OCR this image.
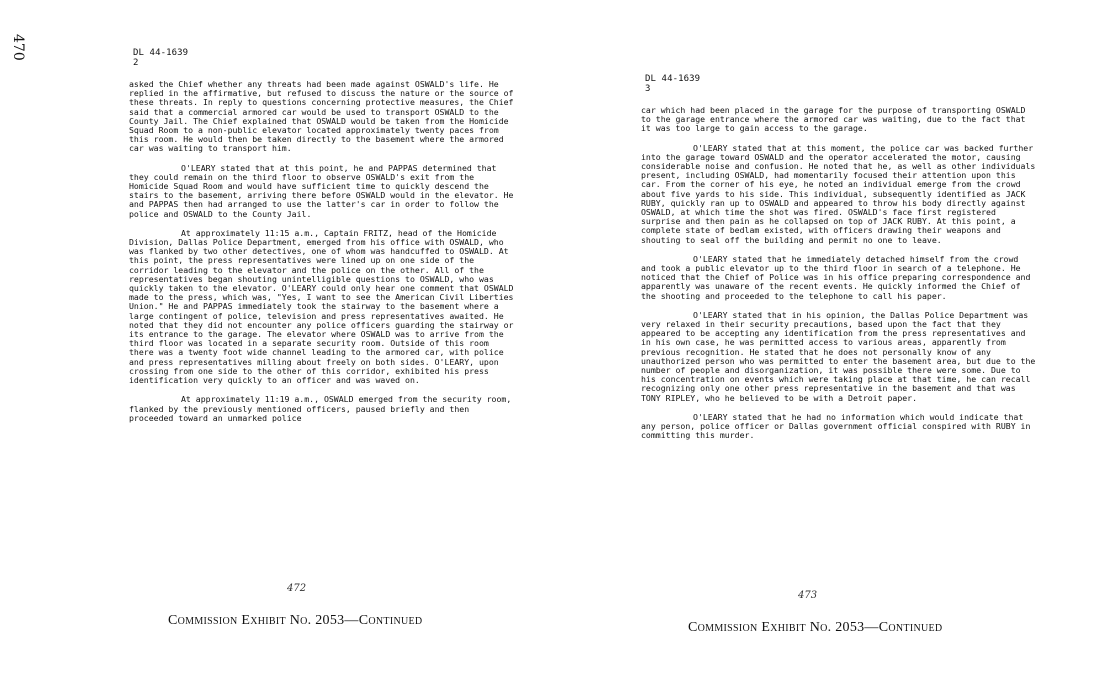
470	DL 44-1639
2

asked the Chief whether any threats had been made against OSWALD's life. He replied in the affirmative, but refused to discuss the nature or the source of these threats. In reply to questions concerning protective measures, the Chief said that a commercial armored car would be used to transport OSWALD to the County Jail. The Chief explained that OSWALD would be taken from the Homicide Squad Room to a non-public elevator located approximately twenty paces from this room. He would then be taken directly to the basement where the armored car was waiting to transport him.

O'LEARY stated that at this point, he and PAPPAS determined that they could remain on the third floor to observe OSWALD's exit from the Homicide Squad Room and would have sufficient time to quickly descend the stairs to the basement, arriving there before OSWALD would in the elevator. He and PAPPAS then had arranged to use the latter's car in order to follow the police and OSWALD to the County Jail.

At approximately 11:15 a.m., Captain FRITZ, head of the Homicide Division, Dallas Police Department, emerged from his office with OSWALD, who was flanked by two other detectives, one of whom was handcuffed to OSWALD. At this point, the press representatives were lined up on one side of the corridor leading to the elevator and the police on the other. All of the representatives began shouting unintelligible questions to OSWALD, who was quickly taken to the elevator. O'LEARY could only hear one comment that OSWALD made to the press, which was, "Yes, I want to see the American Civil Liberties Union." He and PAPPAS immediately took the stairway to the basement where a large contingent of police, television and press representatives awaited. He noted that they did not encounter any police officers guarding the stairway or its entrance to the garage. The elevator where OSWALD was to arrive from the third floor was located in a separate security room. Outside of this room there was a twenty foot wide channel leading to the armored car, with police and press representatives milling about freely on both sides. O'LEARY, upon crossing from one side to the other of this corridor, exhibited his press identification very quickly to an officer and was waved on.

At approximately 11:19 a.m., OSWALD emerged from the security room, flanked by the previously mentioned officers, paused briefly and then proceeded toward an unmarked police

DL 44-1639
3

car which had been placed in the garage for the purpose of transporting OSWALD to the garage entrance where the armored car was waiting, due to the fact that it was too large to gain access to the garage.

O'LEARY stated that at this moment, the police car was backed further into the garage toward OSWALD and the operator accelerated the motor, causing considerable noise and confusion. He noted that he, as well as other individuals present, including OSWALD, had momentarily focused their attention upon this car. From the corner of his eye, he noted an individual emerge from the crowd about five yards to his side. This individual, subsequently identified as JACK RUBY, quickly ran up to OSWALD and appeared to throw his body directly against OSWALD, at which time the shot was fired. OSWALD's face first registered surprise and then pain as he collapsed on top of JACK RUBY. At this point, a complete state of bedlam existed, with officers drawing their weapons and shouting to seal off the building and permit no one to leave.

O'LEARY stated that he immediately detached himself from the crowd and took a public elevator up to the third floor in search of a telephone. He noticed that the Chief of Police was in his office preparing correspondence and apparently was unaware of the recent events. He quickly informed the Chief of the shooting and proceeded to the telephone to call his paper.

O'LEARY stated that in his opinion, the Dallas Police Department was very relaxed in their security precautions, based upon the fact that they appeared to be accepting any identification from the press representatives and in his own case, he was permitted access to various areas, apparently from previous recognition. He stated that he does not personally know of any unauthorized person who was permitted to enter the basement area, but due to the number of people and disorganization, it was possible there were some. Due to his concentration on events which were taking place at that time, he can recall recognizing only one other press representative in the basement and that was TONY RIPLEY, who he believed to be with a Detroit paper.

O'LEARY stated that he had no information which would indicate that any person, police officer or Dallas government official conspired with RUBY in committing this murder.

472
473
Commission Exhibit No. 2053—Continued	Commission Exhibit No. 2053—Continued
